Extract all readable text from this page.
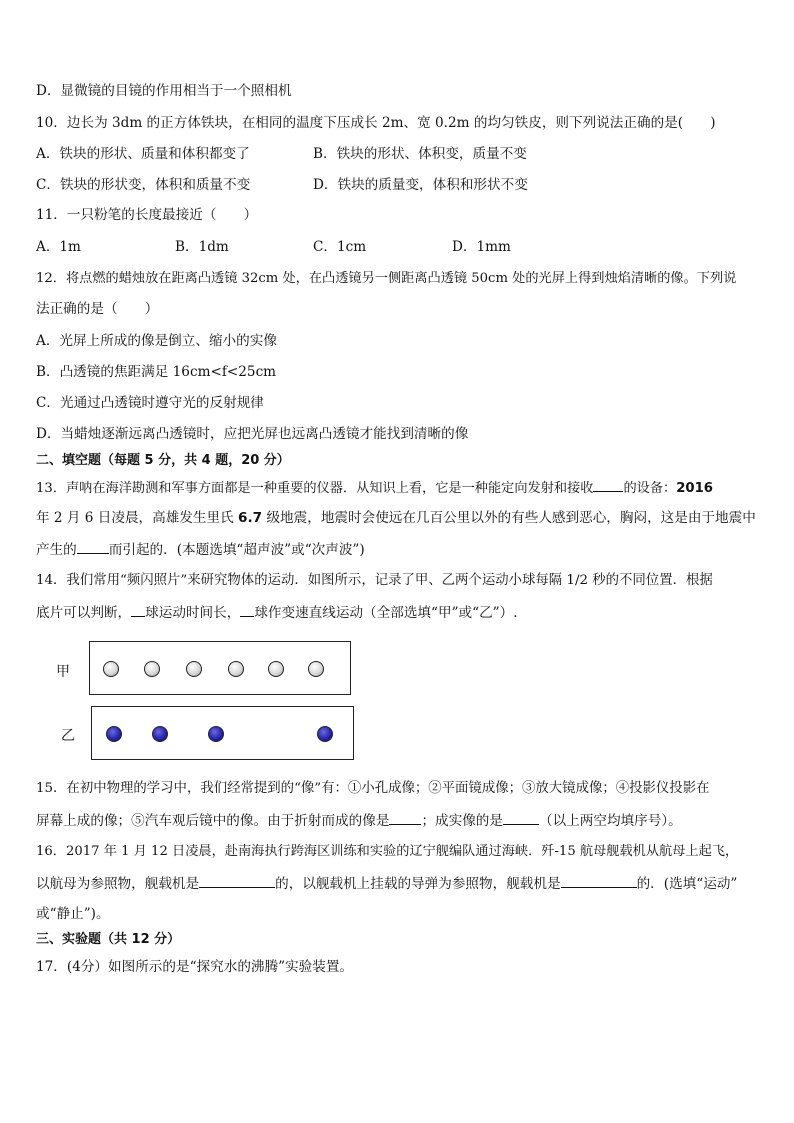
D．显微镜的目镜的作用相当于一个照相机
10．边长为 3dm 的正方体铁块，在相同的温度下压成长 2m、宽 0.2m 的均匀铁皮，则下列说法正确的是(　　)
A．铁块的形状、质量和体积都变了	B．铁块的形状、体积变，质量不变
C．铁块的形状变，体积和质量不变	D．铁块的质量变，体积和形状不变
11．一只粉笔的长度最接近（　　）
A．1m	B．1dm	C．1cm	D．1mm
12．将点燃的蜡烛放在距离凸透镜 32cm 处，在凸透镜另一侧距离凸透镜 50cm 处的光屏上得到烛焰清晰的像。下列说
法正确的是（　　）
A．光屏上所成的像是倒立、缩小的实像
B．凸透镜的焦距满足 16cm<f<25cm
C．光通过凸透镜时遵守光的反射规律
D．当蜡烛逐渐远离凸透镜时，应把光屏也远离凸透镜才能找到清晰的像
二、填空题（每题 5 分，共 4 题，20 分）
13．声呐在海洋勘测和军事方面都是一种重要的仪器．从知识上看，它是一种能定向发射和接收 的设备：2016
年 2 月 6 日凌晨，高雄发生里氏 6.7 级地震，地震时会使远在几百公里以外的有些人感到恶心，胸闷，这是由于地震中
产生的 而引起的．(本题选填“超声波”或“次声波”)
14．我们常用“频闪照片”来研究物体的运动．如图所示，记录了甲、乙两个运动小球每隔 1/2 秒的不同位置．根据
底片可以判断， 球运动时间长， 球作变速直线运动（全部选填“甲”或“乙”）.
甲
乙
15．在初中物理的学习中，我们经常提到的“像”有：①小孔成像；②平面镜成像；③放大镜成像；④投影仪投影在
屏幕上成的像；⑤汽车观后镜中的像。由于折射而成的像是 ；成实像的是	（以上两空均填序号）。
16．2017 年 1 月 12 日凌晨，赴南海执行跨海区训练和实验的辽宁舰编队通过海峡．歼-15 航母舰载机从航母上起飞，
以航母为参照物，舰载机是	的，以舰载机上挂载的导弹为参照物，舰载机是	的．(选填“运动”
或“静止”)。
三、实验题（共 12 分）
17．(4分）如图所示的是“探究水的沸腾”实验装置。
